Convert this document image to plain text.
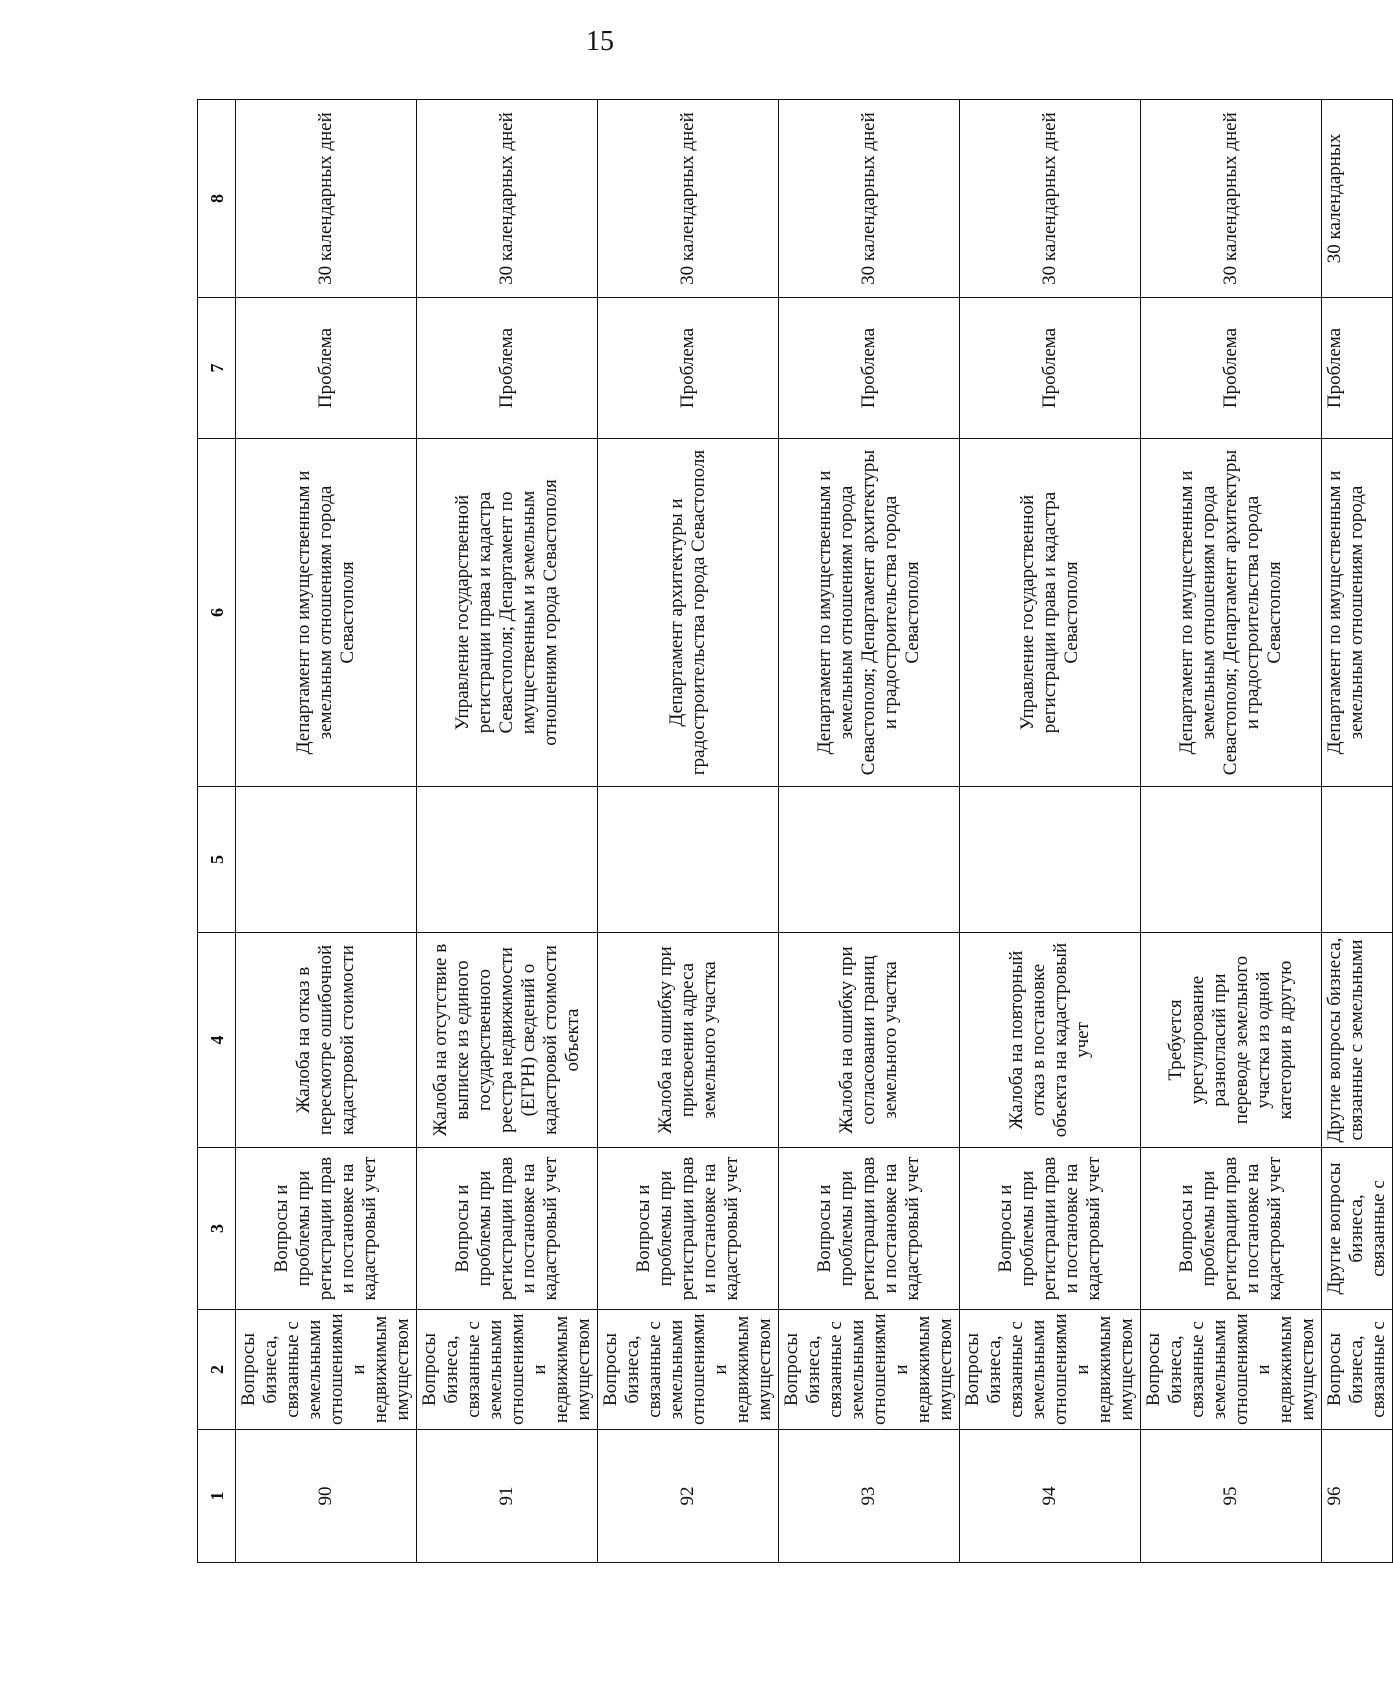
15
1	2	3	4	5	6	7	8
90	Вопросы бизнеса, связанные с земельными отношениями и недвижимым имуществом	Вопросы и проблемы при регистрации прав и постановке на кадастровый учет	Жалоба на отказ в пересмотре ошибочной кадастровой стоимости		Департамент по имущественным и земельным отношениям города Севастополя	Проблема	30 календарных дней
91	Вопросы бизнеса, связанные с земельными отношениями и недвижимым имуществом	Вопросы и проблемы при регистрации прав и постановке на кадастровый учет	Жалоба на отсутствие в выписке из единого государственного реестра недвижимости (ЕГРН) сведений о кадастровой стоимости объекта		Управление государственной регистрации права и кадастра Севастополя; Департамент по имущественным и земельным отношениям города Севастополя	Проблема	30 календарных дней
92	Вопросы бизнеса, связанные с земельными отношениями и недвижимым имуществом	Вопросы и проблемы при регистрации прав и постановке на кадастровый учет	Жалоба на ошибку при присвоении адреса земельного участка		Департамент архитектуры и градостроительства города Севастополя	Проблема	30 календарных дней
93	Вопросы бизнеса, связанные с земельными отношениями и недвижимым имуществом	Вопросы и проблемы при регистрации прав и постановке на кадастровый учет	Жалоба на ошибку при согласовании границ земельного участка		Департамент по имущественным и земельным отношениям города Севастополя; Департамент архитектуры и градостроительства города Севастополя	Проблема	30 календарных дней
94	Вопросы бизнеса, связанные с земельными отношениями и недвижимым имуществом	Вопросы и проблемы при регистрации прав и постановке на кадастровый учет	Жалоба на повторный отказ в постановке объекта на кадастровый учет		Управление государственной регистрации права и кадастра Севастополя	Проблема	30 календарных дней
95	Вопросы бизнеса, связанные с земельными отношениями и недвижимым имуществом	Вопросы и проблемы при регистрации прав и постановке на кадастровый учет	Требуется урегулирование разногласий при переводе земельного участка из одной категории в другую		Департамент по имущественным и земельным отношениям города Севастополя; Департамент архитектуры и градостроительства города Севастополя	Проблема	30 календарных дней
96	Вопросы бизнеса, связанные с	Другие вопросы бизнеса, связанные с	Другие вопросы бизнеса, связанные с земельными		Департамент по имущественным и земельным отношениям города	Проблема	30 календарных
